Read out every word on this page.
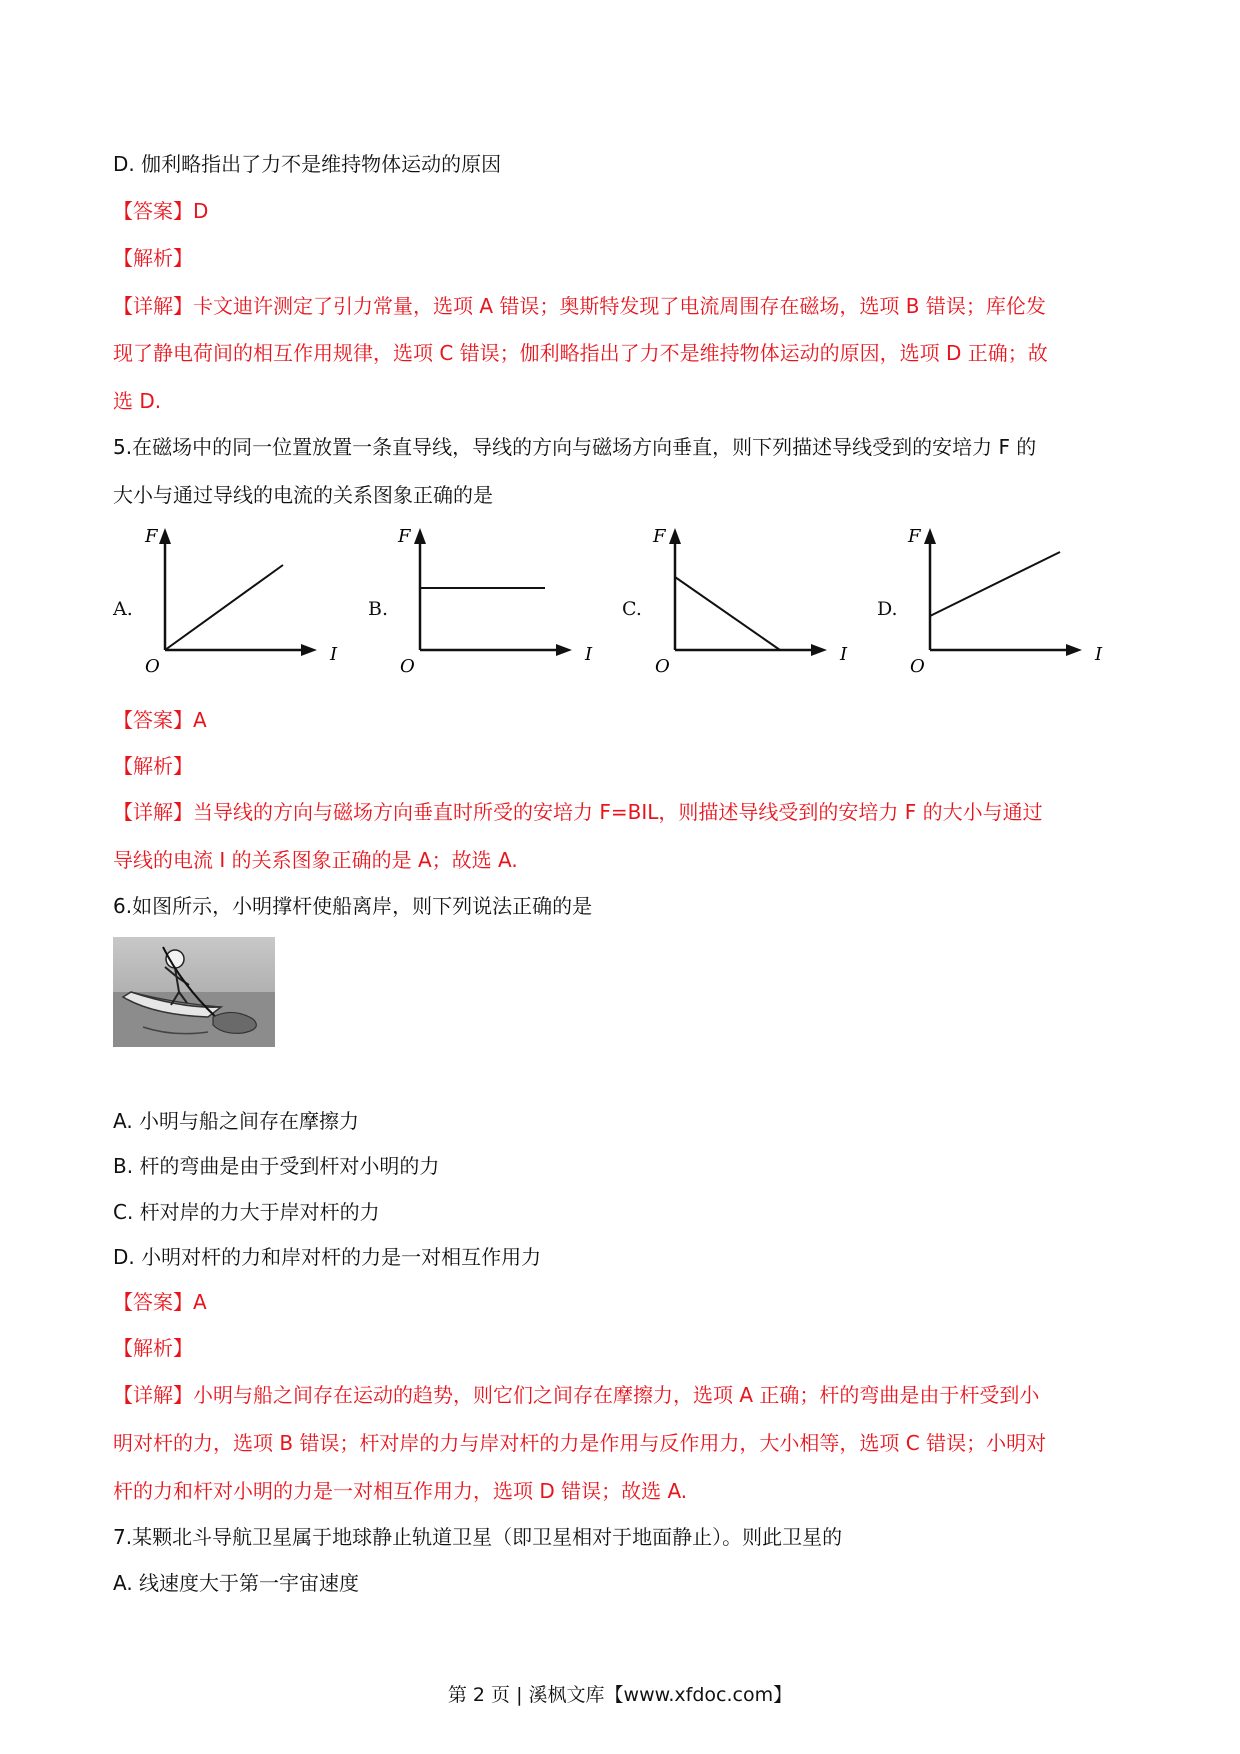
D. 伽利略指出了力不是维持物体运动的原因
【答案】D
【解析】
【详解】卡文迪许测定了引力常量，选项 A 错误；奥斯特发现了电流周围存在磁场，选项 B 错误；库伦发
现了静电荷间的相互作用规律，选项 C 错误；伽利略指出了力不是维持物体运动的原因，选项 D 正确；故
选 D.
5.在磁场中的同一位置放置一条直导线，导线的方向与磁场方向垂直，则下列描述导线受到的安培力 F 的
大小与通过导线的电流的关系图象正确的是
A.	B.	C.	D.
F
I
O
F
I
O
F
I
O
F
I
O
【答案】A
【解析】
【详解】当导线的方向与磁场方向垂直时所受的安培力 F=BIL，则描述导线受到的安培力 F 的大小与通过
导线的电流 I 的关系图象正确的是 A；故选 A.
6.如图所示，小明撑杆使船离岸，则下列说法正确的是
A. 小明与船之间存在摩擦力
B. 杆的弯曲是由于受到杆对小明的力
C. 杆对岸的力大于岸对杆的力
D. 小明对杆的力和岸对杆的力是一对相互作用力
【答案】A
【解析】
【详解】小明与船之间存在运动的趋势，则它们之间存在摩擦力，选项 A 正确；杆的弯曲是由于杆受到小
明对杆的力，选项 B 错误；杆对岸的力与岸对杆的力是作用与反作用力，大小相等，选项 C 错误；小明对
杆的力和杆对小明的力是一对相互作用力，选项 D 错误；故选 A.
7.某颗北斗导航卫星属于地球静止轨道卫星（即卫星相对于地面静止）。则此卫星的
A. 线速度大于第一宇宙速度
第 2 页 | 溪枫文库【www.xfdoc.com】
